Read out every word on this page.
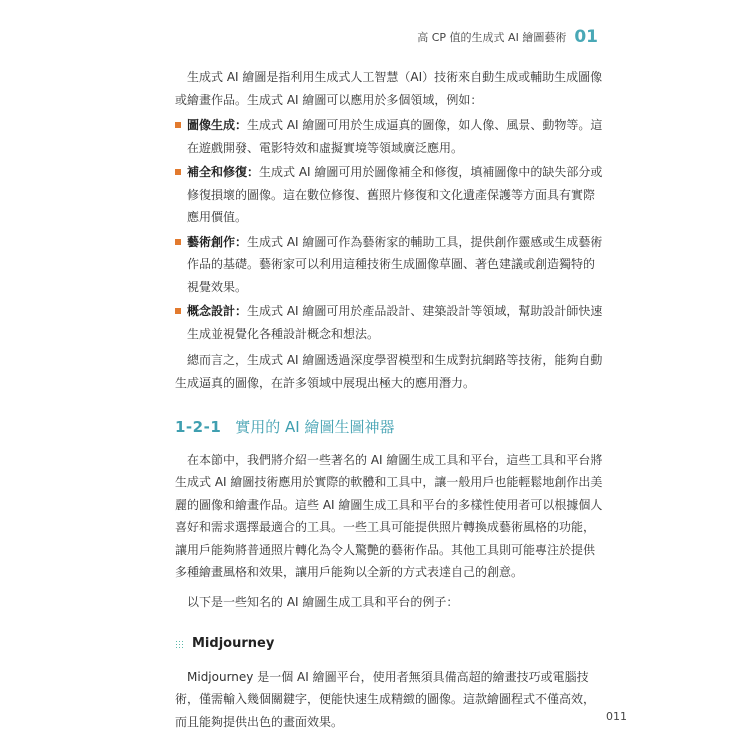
高 CP 值的生成式 AI 繪圖藝術 01

生成式 AI 繪圖是指利用生成式人工智慧（AI）技術來自動生成或輔助生成圖像或繪畫作品。生成式 AI 繪圖可以應用於多個領域，例如：

圖像生成：生成式 AI 繪圖可用於生成逼真的圖像，如人像、風景、動物等。這在遊戲開發、電影特效和虛擬實境等領域廣泛應用。
補全和修復：生成式 AI 繪圖可用於圖像補全和修復，填補圖像中的缺失部分或修復損壞的圖像。這在數位修復、舊照片修復和文化遺產保護等方面具有實際應用價值。
藝術創作：生成式 AI 繪圖可作為藝術家的輔助工具，提供創作靈感或生成藝術作品的基礎。藝術家可以利用這種技術生成圖像草圖、著色建議或創造獨特的視覺效果。
概念設計：生成式 AI 繪圖可用於產品設計、建築設計等領域，幫助設計師快速生成並視覺化各種設計概念和想法。

總而言之，生成式 AI 繪圖透過深度學習模型和生成對抗網路等技術，能夠自動生成逼真的圖像，在許多領域中展現出極大的應用潛力。

1-2-1 實用的 AI 繪圖生圖神器

在本節中，我們將介紹一些著名的 AI 繪圖生成工具和平台，這些工具和平台將生成式 AI 繪圖技術應用於實際的軟體和工具中，讓一般用戶也能輕鬆地創作出美麗的圖像和繪畫作品。這些 AI 繪圖生成工具和平台的多樣性使用者可以根據個人喜好和需求選擇最適合的工具。一些工具可能提供照片轉換成藝術風格的功能，讓用戶能夠將普通照片轉化為令人驚艷的藝術作品。其他工具則可能專注於提供多種繪畫風格和效果，讓用戶能夠以全新的方式表達自己的創意。

以下是一些知名的 AI 繪圖生成工具和平台的例子：

Midjourney

Midjourney 是一個 AI 繪圖平台，使用者無須具備高超的繪畫技巧或電腦技術，僅需輸入幾個關鍵字，便能快速生成精緻的圖像。這款繪圖程式不僅高效，而且能夠提供出色的畫面效果。	011
